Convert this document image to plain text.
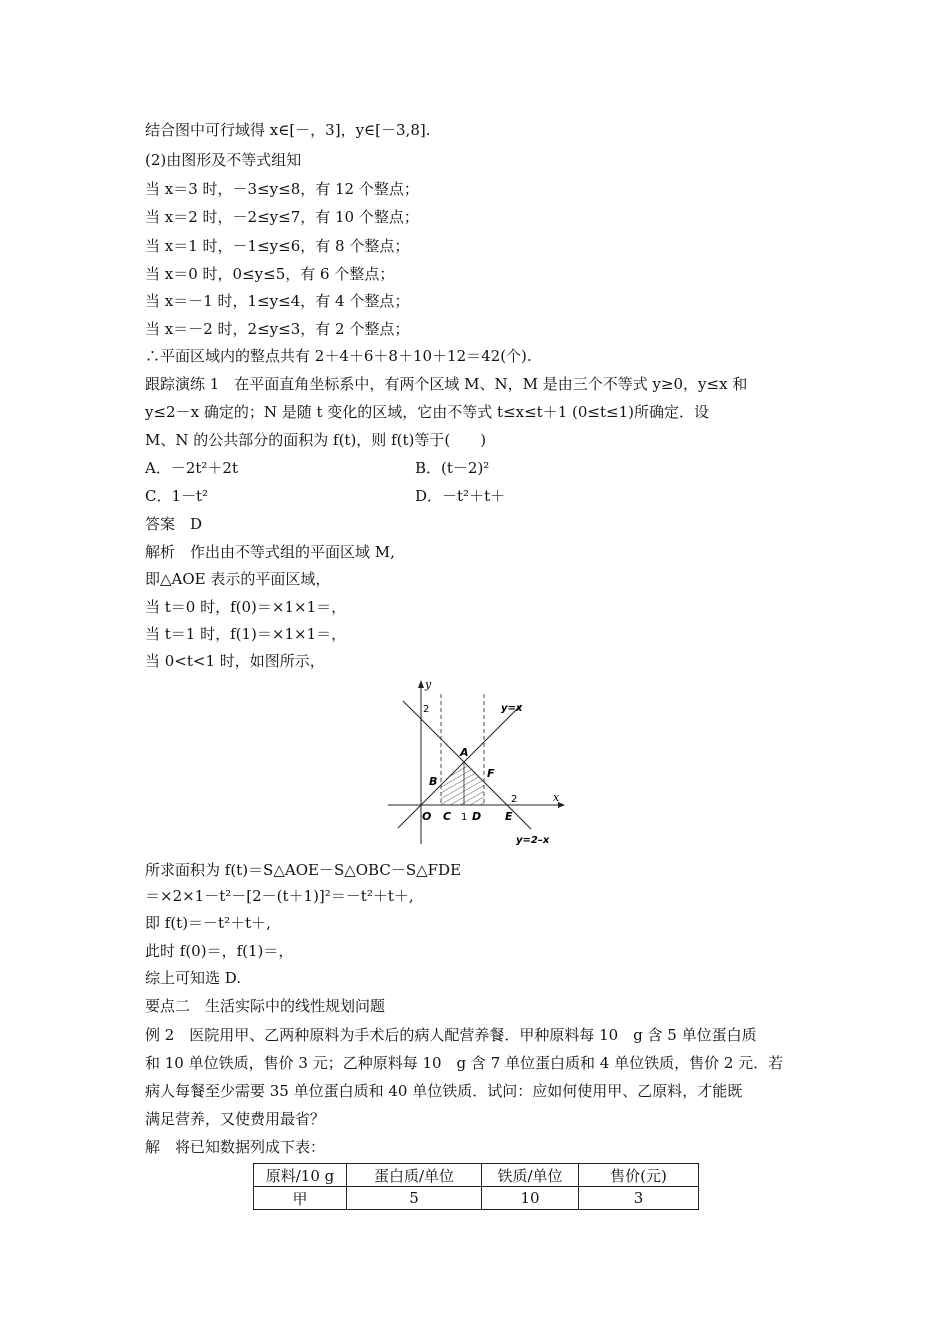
结合图中可行域得 x∈[－，3]，y∈[－3,8].
(2)由图形及不等式组知
当 x＝3 时，－3≤y≤8，有 12 个整点；
当 x＝2 时，－2≤y≤7，有 10 个整点；
当 x＝1 时，－1≤y≤6，有 8 个整点；
当 x＝0 时，0≤y≤5，有 6 个整点；
当 x＝－1 时，1≤y≤4，有 4 个整点；
当 x＝－2 时，2≤y≤3，有 2 个整点；
∴平面区域内的整点共有 2＋4＋6＋8＋10＋12＝42(个).
跟踪演练 1　在平面直角坐标系中，有两个区域 M、N，M 是由三个不等式 y≥0，y≤x 和
y≤2－x 确定的；N 是随 t 变化的区域，它由不等式 t≤x≤t＋1 (0≤t≤1)所确定．设
M、N 的公共部分的面积为 f(t)，则 f(t)等于(　　)
A．－2t²＋2t	B．(t－2)²
C．1－t²	D．－t²＋t＋
答案　D
解析　作出由不等式组的平面区域 M,
即△AOE 表示的平面区域，
当 t＝0 时，f(0)＝×1×1＝，
当 t＝1 时，f(1)＝×1×1＝，
当 0<t<1 时，如图所示，
y
x
2	y=x
y=2–x
A
B
F
O C 1 D E
2
所求面积为 f(t)＝S△AOE－S△OBC－S△FDE
＝×2×1－t²－[2－(t＋1)]²＝－t²＋t＋,
即 f(t)＝－t²＋t＋,
此时 f(0)＝，f(1)＝，
综上可知选 D.
要点二　生活实际中的线性规划问题
例 2　医院用甲、乙两种原料为手术后的病人配营养餐．甲种原料每 10　g 含 5 单位蛋白质
和 10 单位铁质，售价 3 元；乙种原料每 10　g 含 7 单位蛋白质和 4 单位铁质，售价 2 元．若
病人每餐至少需要 35 单位蛋白质和 40 单位铁质．试问：应如何使用甲、乙原料，才能既
满足营养，又使费用最省？
解　将已知数据列成下表：
原料/10 g	蛋白质/单位	铁质/单位	售价(元)
甲	5	10	3
